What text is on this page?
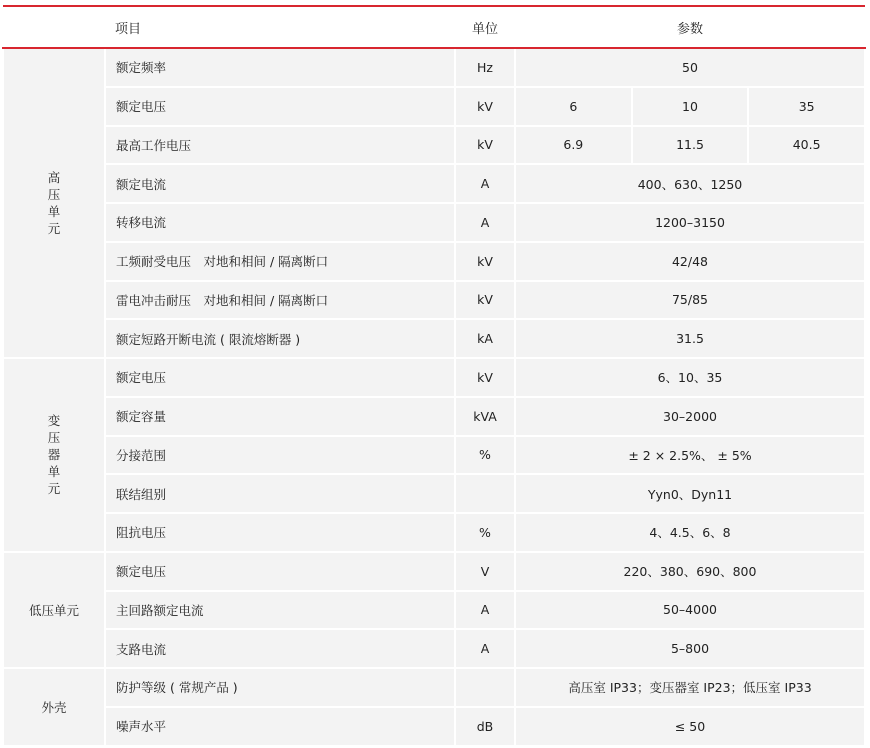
	项目	单位	参数		
高压单元	额定频率	Hz	50		
	额定电压	kV	6	10	35
	最高工作电压	kV	6.9	11.5	40.5
	额定电流	A	400、630、1250		
	转移电流	A	1200–3150		
	工频耐受电压　对地和相间 / 隔离断口	kV	42/48		
	雷电冲击耐压　对地和相间 / 隔离断口	kV	75/85		
	额定短路开断电流 ( 限流熔断器 )	kA	31.5		
变压器单元	额定电压	kV	6、10、35		
	额定容量	kVA	30–2000		
	分接范围	%	± 2 × 2.5%、 ± 5%		
	联结组别		Yyn0、Dyn11		
	阻抗电压	%	4、4.5、6、8		
低压单元	额定电压	V	220、380、690、800		
	主回路额定电流	A	50–4000		
	支路电流	A	5–800		
外壳	防护等级 ( 常规产品 )		高压室 IP33；变压器室 IP23；低压室 IP33		
	噪声水平	dB	≤ 50		
